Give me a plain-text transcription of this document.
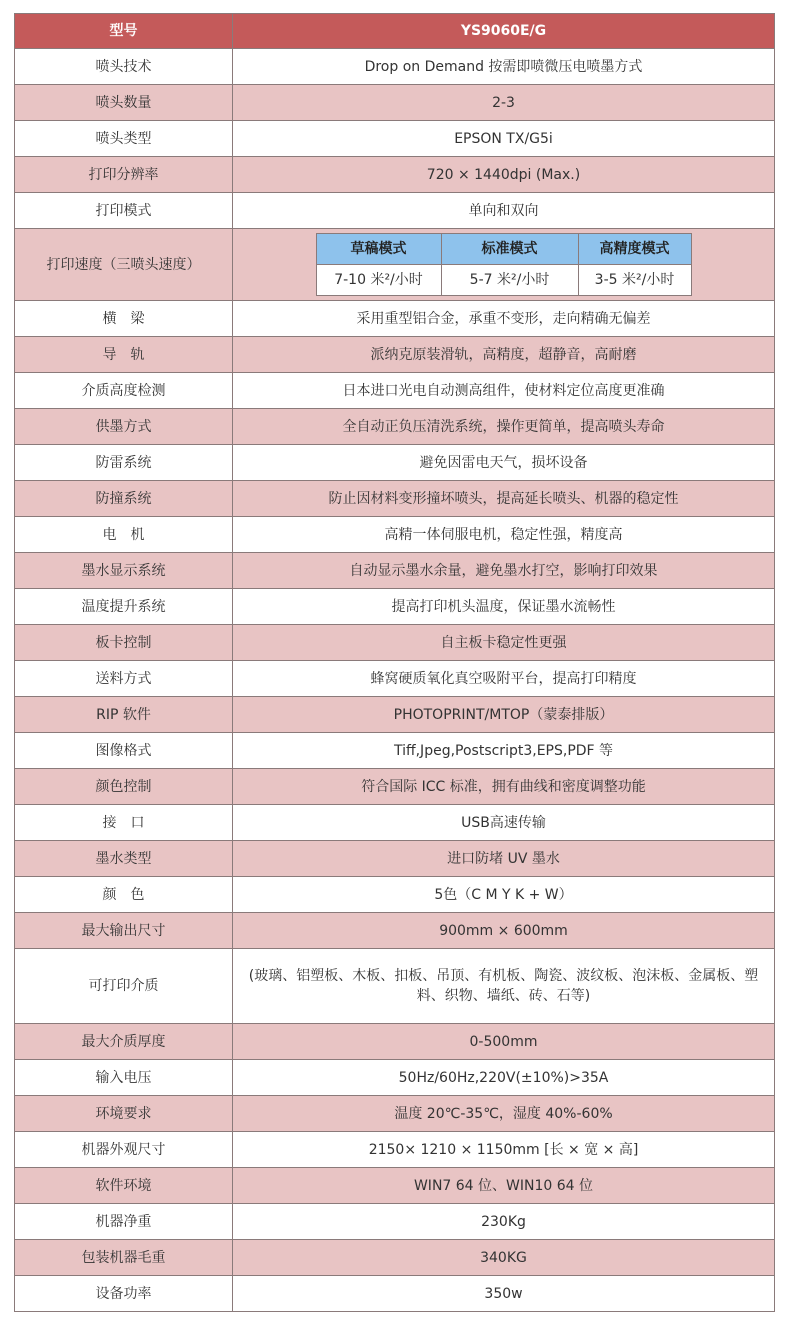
型号	YS9060E/G
喷头技术	Drop on Demand 按需即喷微压电喷墨方式
喷头数量	2-3
喷头类型	EPSON TX/G5i
打印分辨率	720 × 1440dpi (Max.)
打印模式	单向和双向
打印速度（三喷头速度）	
草稿模式	标准模式	高精度模式
7-10 米²/小时	5-7 米²/小时	3-5 米²/小时

横　梁	采用重型铝合金，承重不变形，走向精确无偏差
导　轨	派纳克原装滑轨，高精度，超静音，高耐磨
介质高度检测	日本进口光电自动测高组件，使材料定位高度更准确
供墨方式	全自动正负压清洗系统，操作更简单，提高喷头寿命
防雷系统	避免因雷电天气，损坏设备
防撞系统	防止因材料变形撞坏喷头，提高延长喷头、机器的稳定性
电　机	高精一体伺服电机，稳定性强，精度高
墨水显示系统	自动显示墨水余量，避免墨水打空，影响打印效果
温度提升系统	提高打印机头温度，保证墨水流畅性
板卡控制	自主板卡稳定性更强
送料方式	蜂窝硬质氧化真空吸附平台，提高打印精度
RIP 软件	PHOTOPRINT/MTOP（蒙泰排版）
图像格式	Tiff,Jpeg,Postscript3,EPS,PDF 等
颜色控制	符合国际 ICC 标准，拥有曲线和密度调整功能
接　口	USB高速传输
墨水类型	进口防堵 UV 墨水
颜　色	5色（C M Y K + W）
最大输出尺寸	900mm × 600mm
可打印介质	(玻璃、铝塑板、木板、扣板、吊顶、有机板、陶瓷、波纹板、泡沫板、金属板、塑料、织物、墙纸、砖、石等)
最大介质厚度	0-500mm
输入电压	50Hz/60Hz,220V(±10%)>35A
环境要求	温度 20℃-35℃，湿度 40%-60%
机器外观尺寸	2150× 1210 × 1150mm [长 × 宽 × 高]
软件环境	WIN7 64 位、WIN10 64 位
机器净重	230Kg
包装机器毛重	340KG
设备功率	350w
